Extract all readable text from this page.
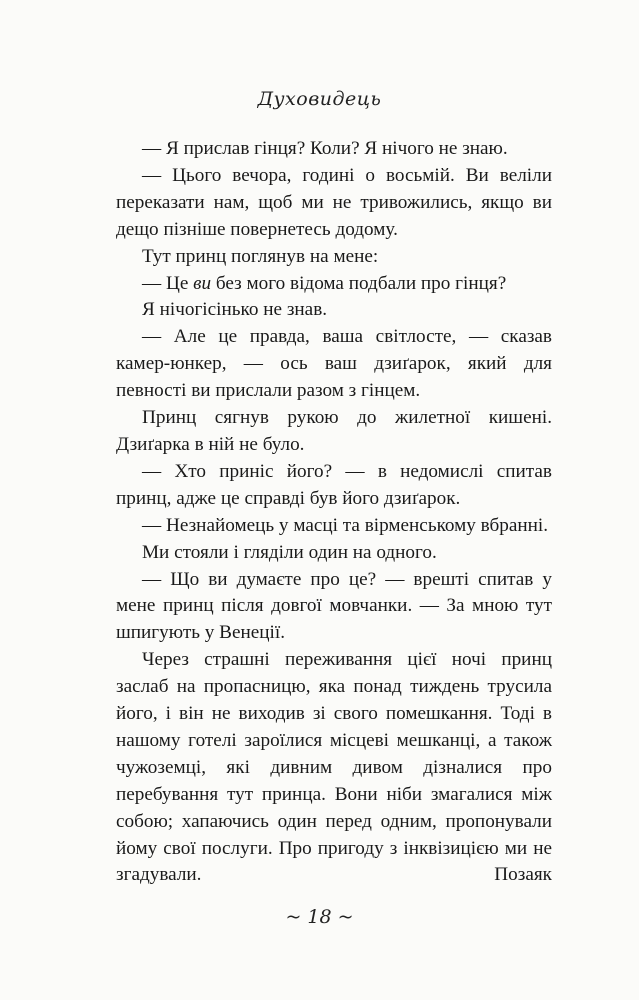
Духовидець

— Я прислав гінця? Коли? Я нічого не знаю.

— Цього вечора, годині о восьмій. Ви веліли переказати нам, щоб ми не тривожились, якщо ви дещо пізніше повернетесь додому.

Тут принц поглянув на мене:

— Це ви без мого відома подбали про гінця?

Я нічогісінько не знав.

— Але це правда, ваша світлосте, — сказав камер-юнкер, — ось ваш дзиґарок, який для певності ви прислали разом з гінцем.

Принц сягнув рукою до жилетної кишені. Дзиґарка в ній не було.

— Хто приніс його? — в недомислі спитав принц, адже це справді був його дзиґарок.

— Незнайомець у масці та вірменському вбранні.

Ми стояли і гляділи один на одного.

— Що ви думаєте про це? — врешті спитав у мене принц після довгої мовчанки. — За мною тут шпигують у Венеції.

Через страшні переживання цієї ночі принц заслаб на пропасницю, яка понад тиждень трусила його, і він не виходив зі свого помешкання. Тоді в нашому готелі зароїлися місцеві мешканці, а також чужоземці, які дивним дивом дізналися про перебування тут принца. Вони ніби змагалися між собою; хапаючись один перед одним, пропонували йому свої послуги. Про пригоду з інквізицією ми не згадували. Позаяк

~ 18 ~
